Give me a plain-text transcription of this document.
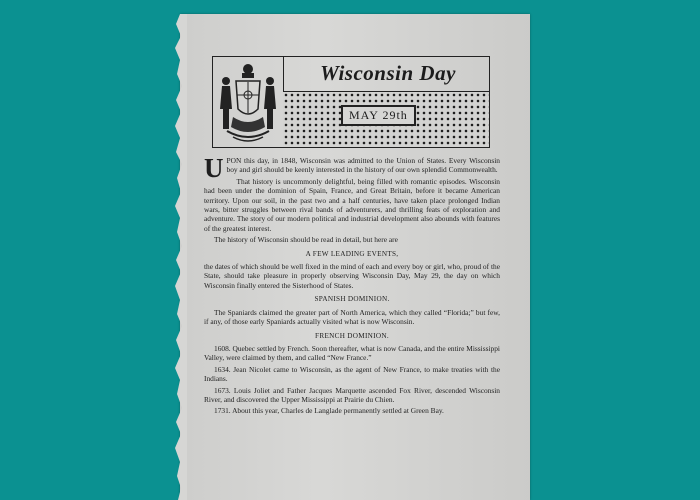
Wisconsin Day
MAY 29th

UPON this day, in 1848, Wisconsin was admitted to the Union of States. Every Wisconsin boy and girl should be keenly interested in the history of our own splendid Commonwealth.

That history is uncommonly delightful, being filled with romantic episodes. Wisconsin had been under the dominion of Spain, France, and Great Britain, before it became American territory. Upon our soil, in the past two and a half centuries, have taken place prolonged Indian wars, bitter struggles between rival bands of adventurers, and thrilling feats of exploration and adventure. The story of our modern political and industrial development also abounds with features of the greatest interest.

The history of Wisconsin should be read in detail, but here are

A FEW LEADING EVENTS,

the dates of which should be well fixed in the mind of each and every boy or girl, who, proud of the State, should take pleasure in properly observing Wisconsin Day, May 29, the day on which Wisconsin finally entered the Sisterhood of States.

SPANISH DOMINION.

The Spaniards claimed the greater part of North America, which they called “Florida;” but few, if any, of those early Spaniards actually visited what is now Wisconsin.

FRENCH DOMINION.

1608. Quebec settled by French. Soon thereafter, what is now Canada, and the entire Mississippi Valley, were claimed by them, and called “New France.”

1634. Jean Nicolet came to Wisconsin, as the agent of New France, to make treaties with the Indians.

1673. Louis Joliet and Father Jacques Marquette ascended Fox River, descended Wisconsin River, and discovered the Upper Mississippi at Prairie du Chien.

1731. About this year, Charles de Langlade permanently settled at Green Bay.
